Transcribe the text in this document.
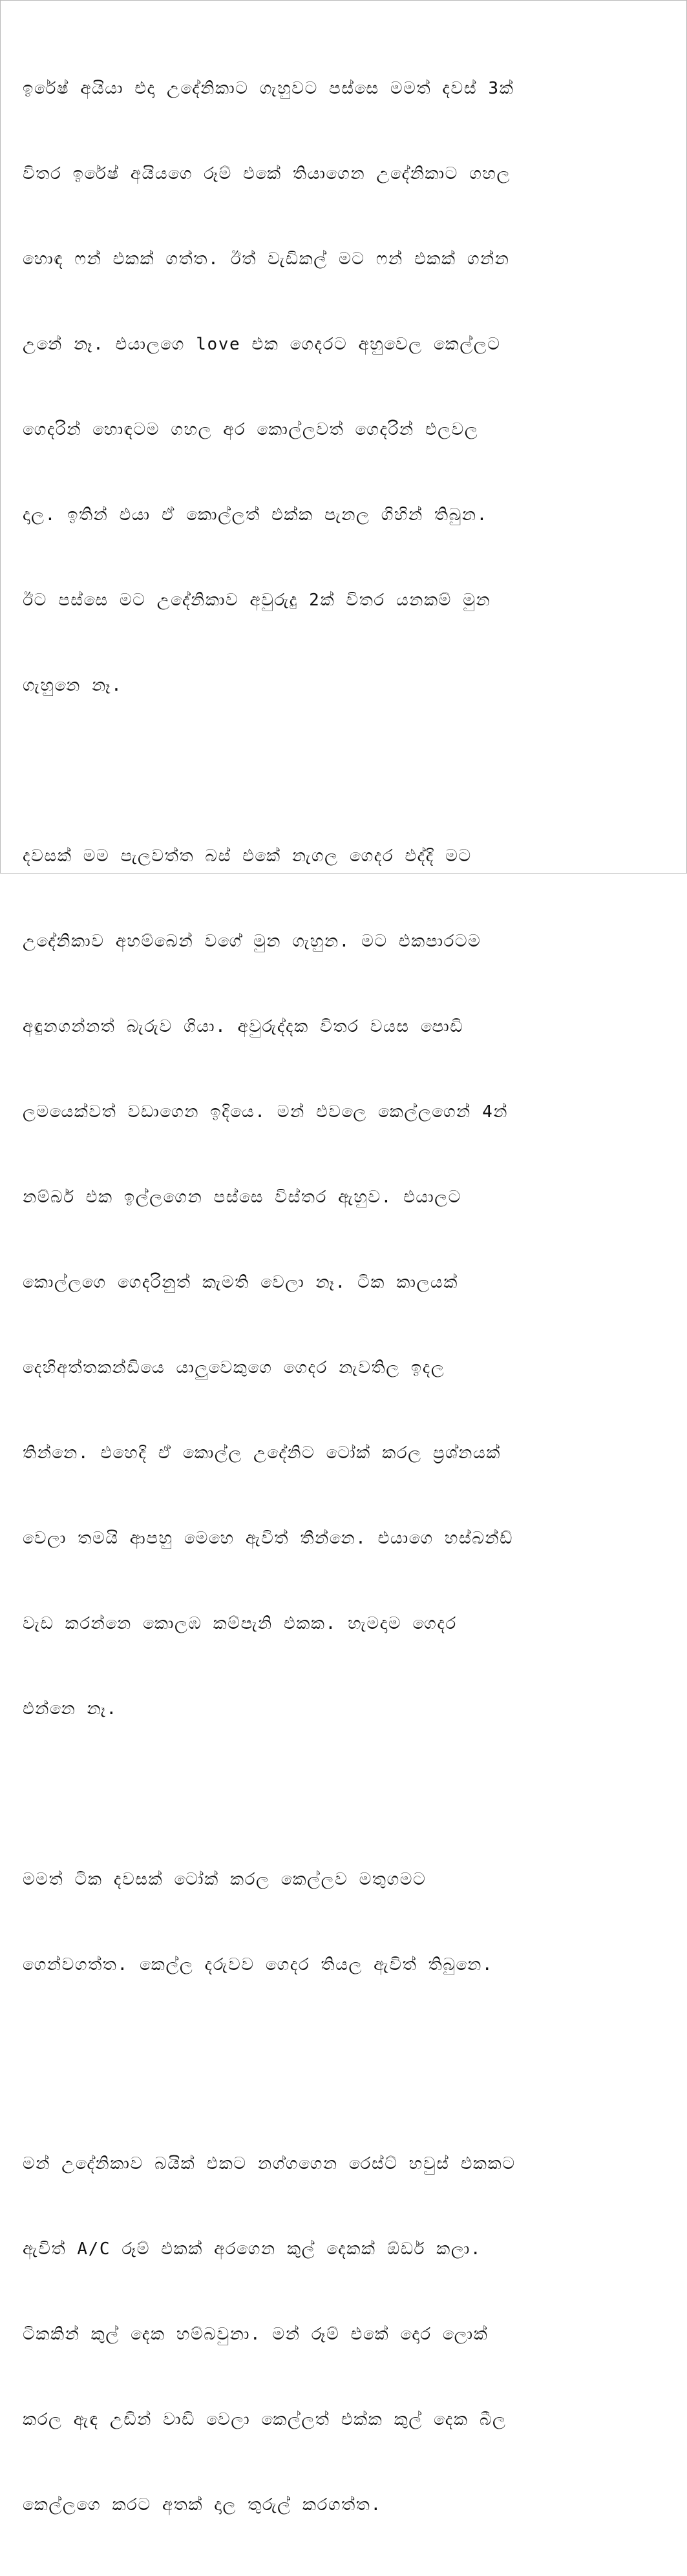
ඉරේෂ් අයියා එදා උදේනිකාට ගැහුවට පස්සෙ මමත් දවස් 3ක්

විතර ඉරේෂ් අයියගෙ රූම් එකේ තියාගෙන උදේනිකාට ගහල

හොඳ ෆන් එකක් ගත්ත. ඊත් වැඩිකල් මට ෆන් එකක් ගන්න

උනේ නෑ. එයාලගෙ love එක ගෙදරට අහුවෙල කෙල්ලට

ගෙදරින් හොඳටම ගහල අර කොල්ලවත් ගෙදරින් එලවල

දාල. ඉතින් එයා ඒ කොල්ලත් එක්ක පැනල ගිහින් තිබුන.

ඊට පස්සෙ මට උදේනිකාව අවුරුදු 2ක් විතර යනකම් මුන

ගැහුනෙ නෑ.

දවසක් මම පැලවත්ත බස් එකේ නැගල ගෙදර එද්දි මට

උදේනිකාව අහම්බෙන් වගේ මුන ගැහුන. මට එකපාරටම

අඳුනගන්නත් බැරුව ගියා. අවුරුද්දක විතර වයස පොඩි

ලමයෙක්වත් වඩාගෙන ඉදියෙ. මන් එවලෙ කෙල්ලගෙන් 4න්

නම්බර් එක ඉල්ලගෙන පස්සෙ විස්තර ඇහුව. එයාලට

කොල්ලගෙ ගෙදරිනුත් කැමති වෙලා නෑ. ටික කාලයක්

දෙහිඅත්තකන්ඩියෙ යාලුවෙකුගෙ ගෙදර නැවතිල ඉදල

තින්නෙ. එහෙදි ඒ කොල්ල උදේනිට ටෝක් කරල ප්‍රශ්නයක්

වෙලා තමයි ආපහු මෙහෙ ඇවිත් තීන්නෙ. එයාගෙ හස්බන්ඩ්

වැඩ කරන්නෙ කොලඹ කම්පැනි එකක. හැමදාම ගෙදර

එන්නෙ නෑ.

මමත් ටික දවසක් ටෝක් කරල කෙල්ලව මතුගමට

ගෙන්වගත්ත. කෙල්ල දරුවව ගෙදර තියල ඇවිත් තිබුනෙ.

මන් උදේනිකාව බයික් එකට නග්ගගෙන රෙස්ට් හවුස් එකකට

ඇවිත් A/C රූම් එකක් අරගෙන කුල් දෙකක් ඕඩර් කලා.

ටිකකින් කුල් දෙක හම්බවුනා. මන් රූම් එකේ දොර ලොක්

කරල ඇඳ උඩින් වාඩි වෙලා කෙල්ලත් එක්ක කුල් දෙක බීල

කෙල්ලගෙ කරට අතක් දාල තුරුල් කරගත්ත.
